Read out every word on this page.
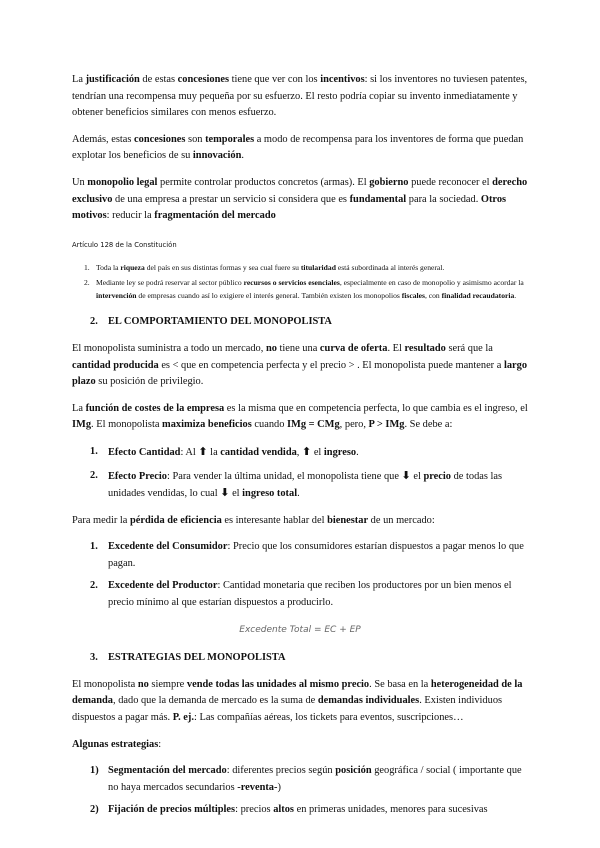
La justificación de estas concesiones tiene que ver con los incentivos: si los inventores no tuviesen patentes, tendrían una recompensa muy pequeña por su esfuerzo. El resto podría copiar su invento inmediatamente y obtener beneficios similares con menos esfuerzo.

Además, estas concesiones son temporales a modo de recompensa para los inventores de forma que puedan explotar los beneficios de su innovación.

Un monopolio legal permite controlar productos concretos (armas). El gobierno puede reconocer el derecho exclusivo de una empresa a prestar un servicio si considera que es fundamental para la sociedad. Otros motivos: reducir la fragmentación del mercado

Artículo 128 de la Constitución

1. Toda la riqueza del país en sus distintas formas y sea cual fuere su titularidad está subordinada al interés general.
2. Mediante ley se podrá reservar al sector público recursos o servicios esenciales, especialmente en caso de monopolio y asimismo acordar la intervención de empresas cuando así lo exigiere el interés general. También existen los monopolios fiscales, con finalidad recaudatoria.

2. EL COMPORTAMIENTO DEL MONOPOLISTA

El monopolista suministra a todo un mercado, no tiene una curva de oferta. El resultado será que la cantidad producida es < que en competencia perfecta y el precio > . El monopolista puede mantener a largo plazo su posición de privilegio.

La función de costes de la empresa es la misma que en competencia perfecta, lo que cambia es el ingreso, el IMg. El monopolista maximiza beneficios cuando IMg = CMg, pero, P > IMg. Se debe a:

1. Efecto Cantidad: Al ⬆ la cantidad vendida, ⬆ el ingreso.
2. Efecto Precio: Para vender la última unidad, el monopolista tiene que ⬇ el precio de todas las unidades vendidas, lo cual ⬇ el ingreso total.

Para medir la pérdida de eficiencia es interesante hablar del bienestar de un mercado:

1. Excedente del Consumidor: Precio que los consumidores estarían dispuestos a pagar menos lo que pagan.
2. Excedente del Productor: Cantidad monetaria que reciben los productores por un bien menos el precio mínimo al que estarían dispuestos a producirlo.

Excedente Total = EC + EP

3. ESTRATEGIAS DEL MONOPOLISTA

El monopolista no siempre vende todas las unidades al mismo precio. Se basa en la heterogeneidad de la demanda, dado que la demanda de mercado es la suma de demandas individuales. Existen individuos dispuestos a pagar más. P. ej.: Las compañías aéreas, los tickets para eventos, suscripciones…

Algunas estrategias:

1) Segmentación del mercado: diferentes precios según posición geográfica / social ( importante que no haya mercados secundarios -reventa-)
2) Fijación de precios múltiples: precios altos en primeras unidades, menores para sucesivas
